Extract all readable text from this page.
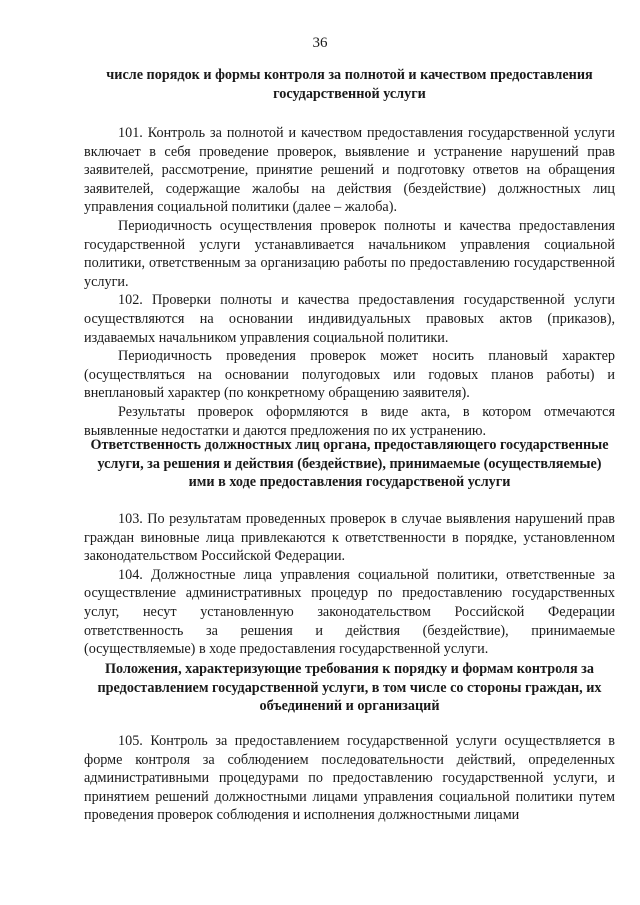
36

числе порядок и формы контроля за полнотой и качеством предоставления государственной услуги

101. Контроль за полнотой и качеством предоставления государственной услуги включает в себя проведение проверок, выявление и устранение нарушений прав заявителей, рассмотрение, принятие решений и подготовку ответов на обращения заявителей, содержащие жалобы на действия (бездействие) должностных лиц управления социальной политики (далее – жалоба).

Периодичность осуществления проверок полноты и качества предоставления государственной услуги устанавливается начальником управления социальной политики, ответственным за организацию работы по предоставлению государственной услуги.

102. Проверки полноты и качества предоставления государственной услуги осуществляются на основании индивидуальных правовых актов (приказов), издаваемых начальником управления социальной политики.

Периодичность проведения проверок может носить плановый характер (осуществляться на основании полугодовых или годовых планов работы) и внеплановый характер (по конкретному обращению заявителя).

Результаты проверок оформляются в виде акта, в котором отмечаются выявленные недостатки и даются предложения по их устранению.

Ответственность должностных лиц органа, предоставляющего государственные услуги, за решения и действия (бездействие), принимаемые (осуществляемые) ими в ходе предоставления государственой услуги

103. По результатам проведенных проверок в случае выявления нарушений прав граждан виновные лица привлекаются к ответственности в порядке, установленном законодательством Российской Федерации.

104. Должностные лица управления социальной политики, ответственные за осуществление административных процедур по предоставлению государственных услуг, несут установленную законодательством Российской Федерации ответственность за решения и действия (бездействие), принимаемые (осуществляемые) в ходе предоставления государственной услуги.

Положения, характеризующие требования к порядку и формам контроля за предоставлением государственной услуги, в том числе со стороны граждан, их объединений и организаций

105. Контроль за предоставлением государственной услуги осуществляется в форме контроля за соблюдением последовательности действий, определенных административными процедурами по предоставлению государственной услуги, и принятием решений должностными лицами управления социальной политики путем проведения проверок соблюдения и исполнения должностными лицами
